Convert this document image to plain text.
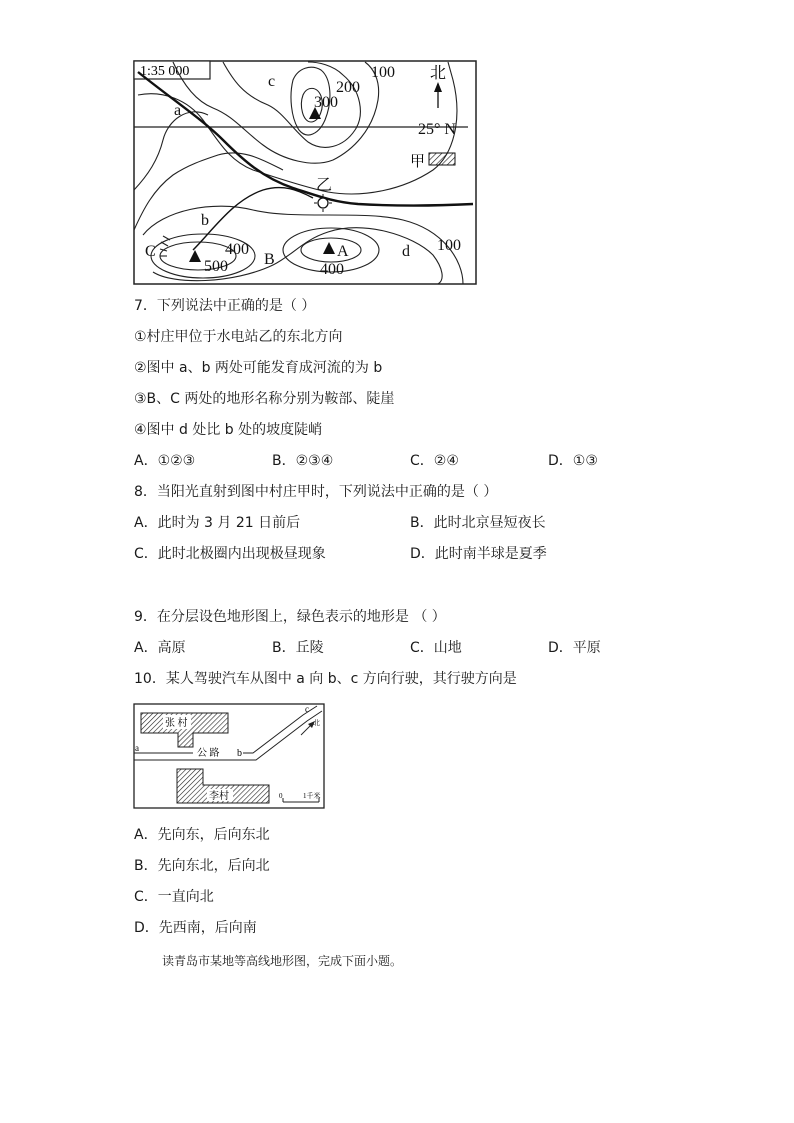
1:35 000
a
c
b
C	B	A	d
乙
100
200
300
400
500	400
100
25° N
北
甲
7．下列说法中正确的是（ ）
①村庄甲位于水电站乙的东北方向
②图中 a、b 两处可能发育成河流的为 b
③B、C 两处的地形名称分别为鞍部、陡崖
④图中 d 处比 b 处的坡度陡峭
A．①②③	B．②③④	C．②④	D．①③
8．当阳光直射到图中村庄甲时，下列说法中正确的是（ ）
A．此时为 3 月 21 日前后	B．此时北京昼短夜长
C．此时北极圈内出现极昼现象	D．此时南半球是夏季
9．在分层设色地形图上，绿色表示的地形是 （ ）
A．高原	B．丘陵	C．山地	D．平原
10．某人驾驶汽车从图中 a 向 b、c 方向行驶，其行驶方向是
张 村
公 路
a	b
c
北
李村	0	1千米
A．先向东，后向东北
B．先向东北，后向北
C．一直向北
D．先西南，后向南
读青岛市某地等高线地形图，完成下面小题。
